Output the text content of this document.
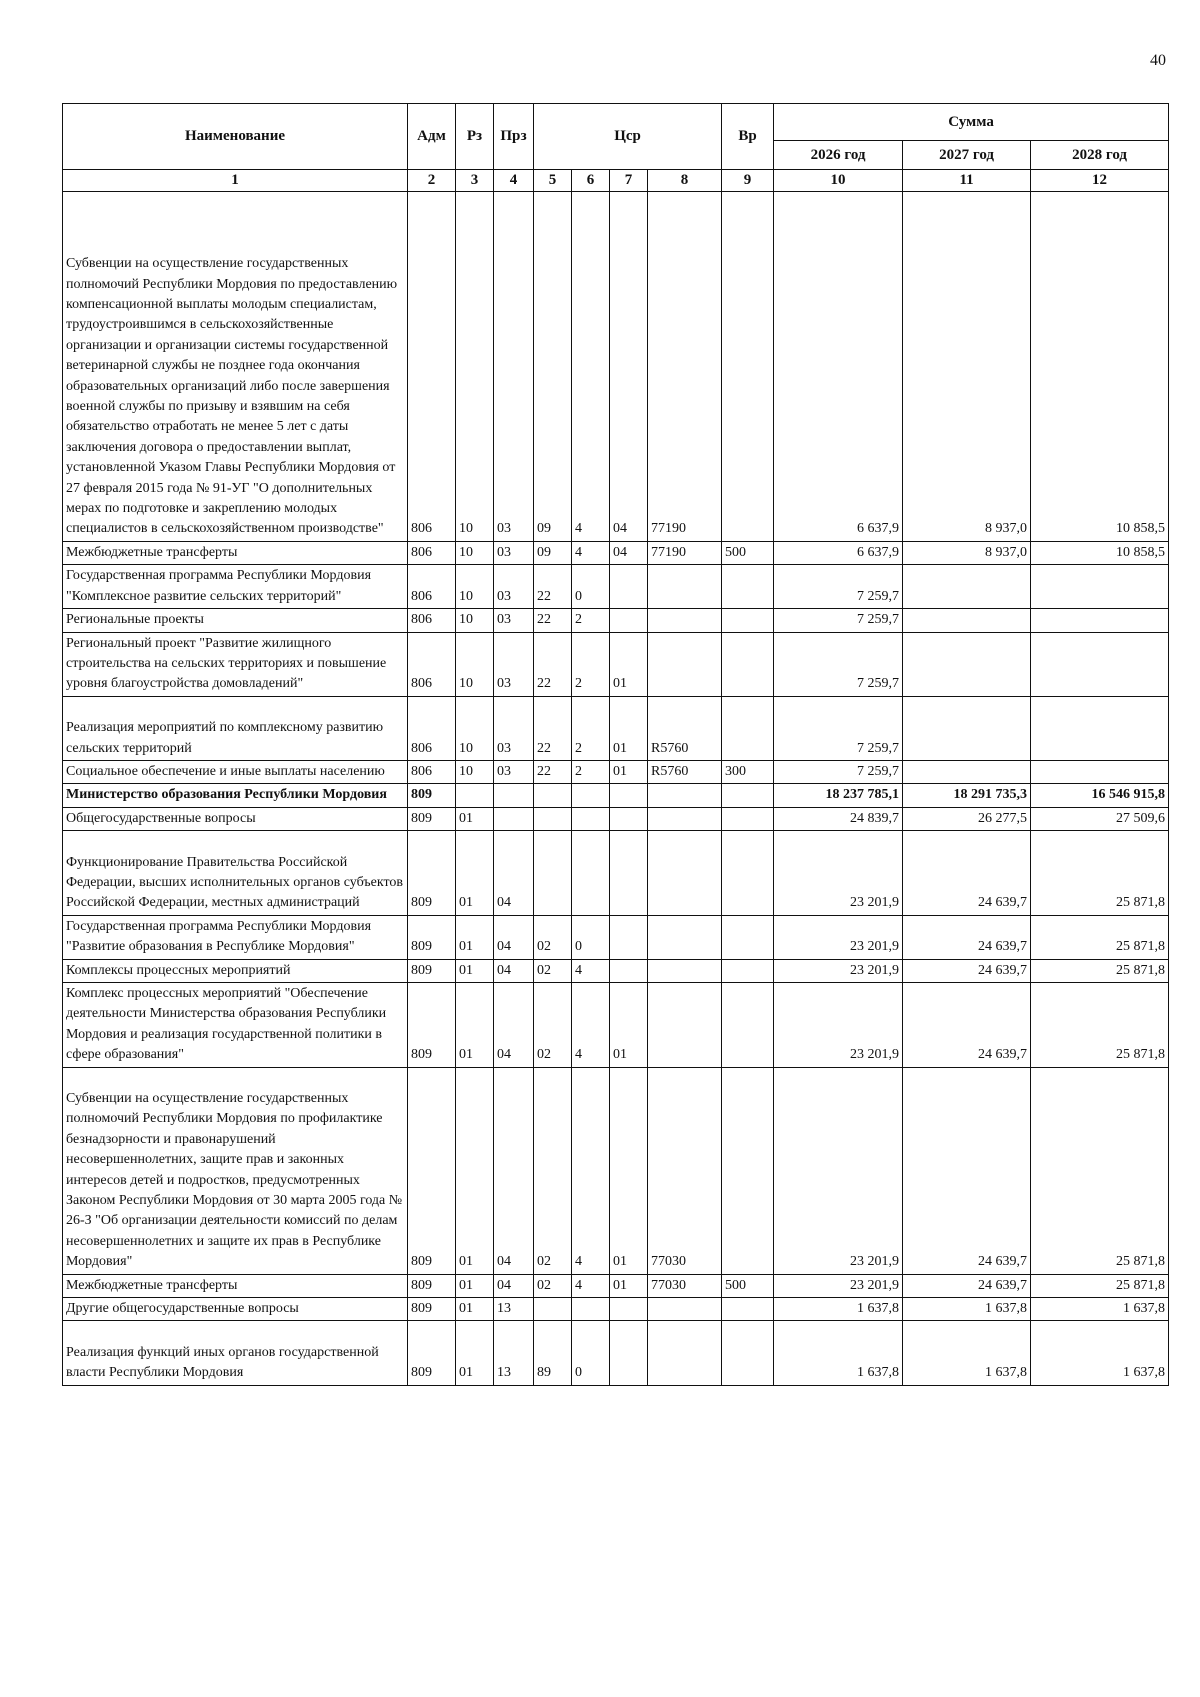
40
Наименование	Адм	Рз	Прз	Цср				Вр	Сумма		
									2026 год	2027 год	2028 год
1	2	3	4	5	6	7	8	9	10	11	12
Субвенции на осуществление государственных полномочий Республики Мордовия по предоставлению компенсационной выплаты молодым специалистам, трудоустроившимся в сельскохозяйственные организации и организации системы государственной ветеринарной службы не позднее года окончания образовательных организаций либо после завершения военной службы по призыву и взявшим на себя обязательство отработать не менее 5 лет с даты заключения договора о предоставлении выплат, установленной Указом Главы Республики Мордовия от 27 февраля 2015 года № 91-УГ "О дополнительных мерах по подготовке и закреплению молодых специалистов в сельскохозяйственном производстве"	806	10	03	09	4	04	77190		6 637,9	8 937,0	10 858,5
Межбюджетные трансферты	806	10	03	09	4	04	77190	500	6 637,9	8 937,0	10 858,5
Государственная программа Республики Мордовия "Комплексное развитие сельских территорий"	806	10	03	22	0				7 259,7		
Региональные проекты	806	10	03	22	2				7 259,7		
Региональный проект "Развитие жилищного строительства на сельских территориях и повышение уровня благоустройства домовладений"	806	10	03	22	2	01			7 259,7		
Реализация мероприятий по комплексному развитию сельских территорий	806	10	03	22	2	01	R5760		7 259,7		
Социальное обеспечение и иные выплаты населению	806	10	03	22	2	01	R5760	300	7 259,7		
Министерство образования Республики Мордовия	809								18 237 785,1	18 291 735,3	16 546 915,8
Общегосударственные вопросы	809	01							24 839,7	26 277,5	27 509,6
Функционирование Правительства Российской Федерации, высших исполнительных органов субъектов Российской Федерации, местных администраций	809	01	04						23 201,9	24 639,7	25 871,8
Государственная программа Республики Мордовия "Развитие образования в Республике Мордовия"	809	01	04	02	0				23 201,9	24 639,7	25 871,8
Комплексы процессных мероприятий	809	01	04	02	4				23 201,9	24 639,7	25 871,8
Комплекс процессных мероприятий "Обеспечение деятельности Министерства образования Республики Мордовия и реализация государственной политики в сфере образования"	809	01	04	02	4	01			23 201,9	24 639,7	25 871,8
Субвенции на осуществление государственных полномочий Республики Мордовия по профилактике безнадзорности и правонарушений несовершеннолетних, защите прав и законных интересов детей и подростков, предусмотренных Законом Республики Мордовия от 30 марта 2005 года № 26-З "Об организации деятельности комиссий по делам несовершеннолетних и защите их прав в Республике Мордовия"	809	01	04	02	4	01	77030		23 201,9	24 639,7	25 871,8
Межбюджетные трансферты	809	01	04	02	4	01	77030	500	23 201,9	24 639,7	25 871,8
Другие общегосударственные вопросы	809	01	13						1 637,8	1 637,8	1 637,8
Реализация функций иных органов государственной власти Республики Мордовия	809	01	13	89	0				1 637,8	1 637,8	1 637,8
